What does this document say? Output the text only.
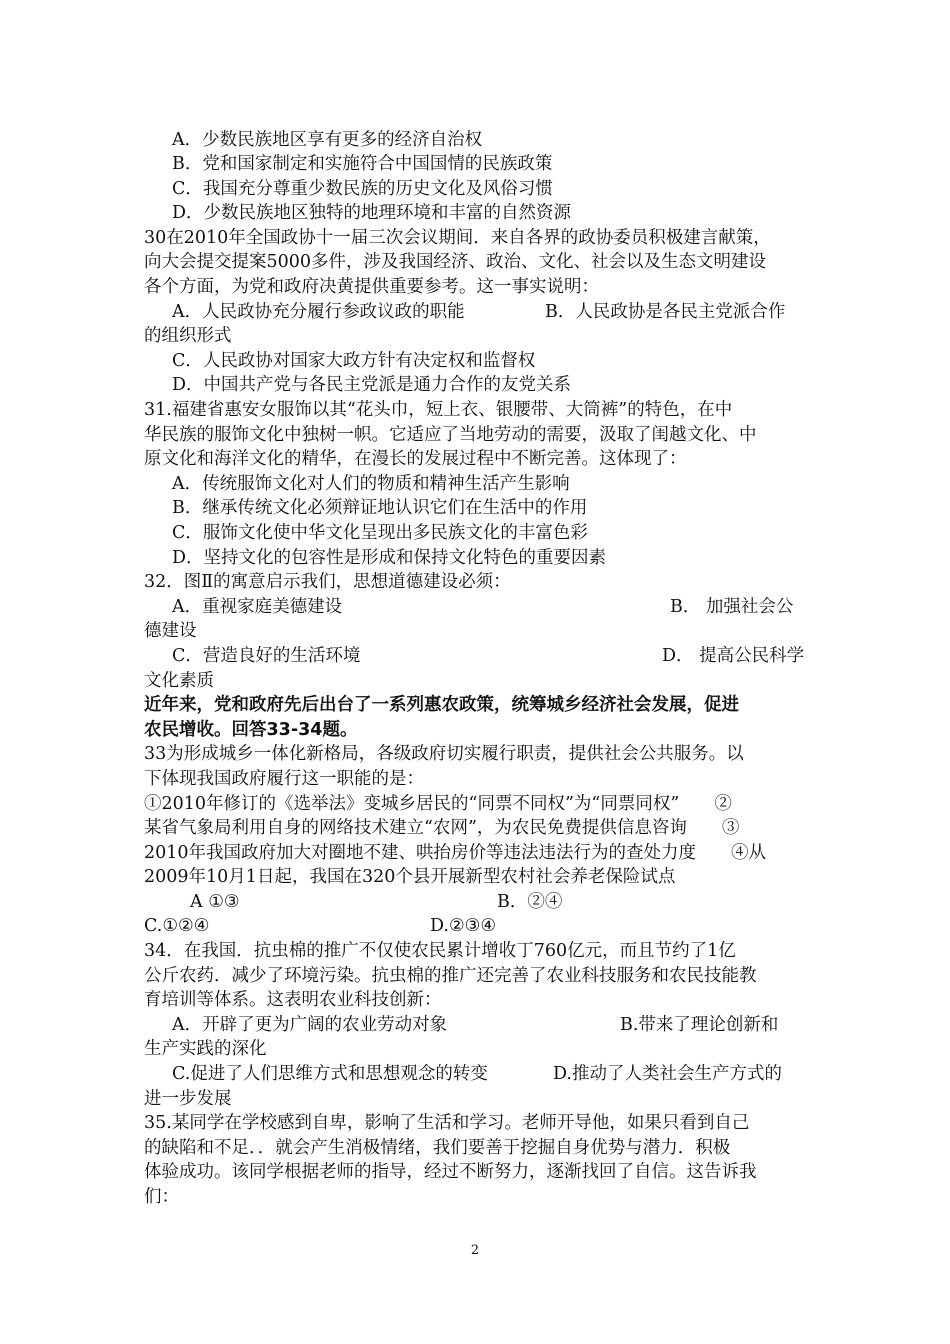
A．少数民族地区享有更多的经济自治权
B．党和国家制定和实施符合中国国情的民族政策
C．我国充分尊重少数民族的历史文化及风俗习惯
D．少数民族地区独特的地理环境和丰富的自然资源
30在2010年全国政协十一届三次会议期间．来自各界的政协委员积极建言献策，
向大会提交提案5000多件，涉及我国经济、政治、文化、社会以及生态文明建设
各个方面，为党和政府决黄提供重要参考。这一事实说明：
A．人民政协充分履行参政议政的职能	B．人民政协是各民主党派合作
的组织形式
C．人民政协对国家大政方针有决定权和监督权
D．中国共产党与各民主党派是通力合作的友党关系
31.福建省惠安女服饰以其“花头巾，短上衣、银腰带、大筒裤”的特色，在中
华民族的服饰文化中独树一帜。它适应了当地劳动的需要，汲取了闺越文化、中
原文化和海洋文化的精华，在漫长的发展过程中不断完善。这体现了：
A．传统服饰文化对人们的物质和精神生活产生影响
B．继承传统文化必须辩证地认识它们在生活中的作用
C．服饰文化使中华文化呈现出多民族文化的丰富色彩
D．坚持文化的包容性是形成和保持文化特色的重要因素
32．图Ⅱ的寓意启示我们，思想道德建设必须：
A．重视家庭美德建设	B． 加强社会公
德建设
C．营造良好的生活环境	D． 提高公民科学
文化素质
近年来，党和政府先后出台了一系列惠农政策，统筹城乡经济社会发展，促进
农民增收。回答33-34题。
33为形成城乡一体化新格局，各级政府切实履行职责，提供社会公共服务。以
下体现我国政府履行这一职能的是：
①2010年修订的《选举法》变城乡居民的“同票不同权”为“同票同权”　　②
某省气象局利用自身的网络技术建立“农网”，为农民免费提供信息咨询　　③
2010年我国政府加大对圈地不建、哄抬房价等违法违法行为的查处力度　　④从
2009年10月1日起，我国在320个县开展新型农村社会养老保险试点
A ①③	B．②④
C.①②④	D.②③④
34．在我国．抗虫棉的推广不仅使农民累计增收丁760亿元，而且节约了1亿
公斤农药．减少了环境污染。抗虫棉的推广还完善了农业科技服务和农民技能教
育培训等体系。这表明农业科技创新：
A．开辟了更为广阔的农业劳动对象	B.带来了理论创新和
生产实践的深化
C.促进了人们思维方式和思想观念的转变	D.推动了人类社会生产方式的
进一步发展
35.某同学在学校感到自卑，影响了生活和学习。老师开导他，如果只看到自己
的缺陷和不足．．就会产生消极情绪，我们要善于挖掘自身优势与潜力．积极
体验成功。该同学根据老师的指导，经过不断努力，逐渐找回了自信。这告诉我
们：
2
